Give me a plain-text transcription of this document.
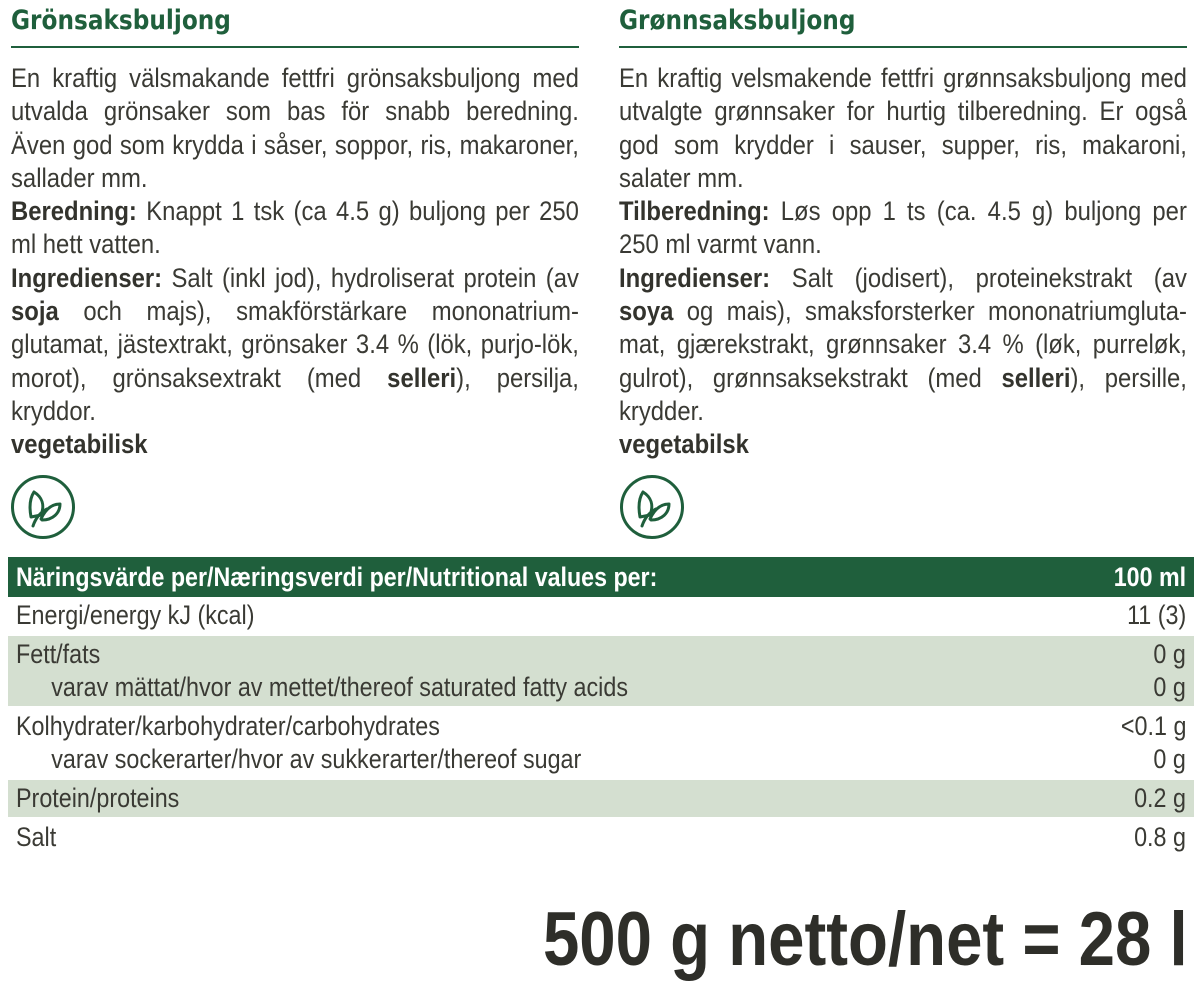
Grönsaksbuljong

En kraftig välsmakande fettfri grönsaksbuljong med utvalda grönsaker som bas för snabb beredning. Även god som krydda i såser, soppor, ris, makaroner, sallader mm.

Beredning: Knappt 1 tsk (ca 4.5 g) buljong per 250 ml hett vatten.

Ingredienser: Salt (inkl jod), hydroliserat protein (av soja och majs), smakförstärkare mononatrium-glutamat, jästextrakt, grönsaker 3.4 % (lök, purjo-lök, morot), grönsaksextrakt (med selleri), persilja, kryddor.

vegetabilisk

Grønnsaksbuljong

En kraftig velsmakende fettfri grønnsaksbuljong med utvalgte grønnsaker for hurtig tilberedning. Er også god som krydder i sauser, supper, ris, makaroni, salater mm.

Tilberedning: Løs opp 1 ts (ca. 4.5 g) buljong per 250 ml varmt vann.

Ingredienser: Salt (jodisert), proteinekstrakt (av soya og mais), smaksforsterker mononatriumgluta-mat, gjærekstrakt, grønnsaker 3.4 % (løk, purreløk, gulrot), grønnsaksekstrakt (med selleri), persille, krydder.

vegetabilsk

Näringsvärde per/Næringsverdi per/Nutritional values per:	100 ml
Energi/energy kJ (kcal)	11 (3)
Fett/fats	0 g
varav mättat/hvor av mettet/thereof saturated fatty acids	0 g
Kolhydrater/karbohydrater/carbohydrates	<0.1 g
varav sockerarter/hvor av sukkerarter/thereof sugar	0 g
Protein/proteins	0.2 g
Salt	0.8 g
500 g netto/net = 28 l
